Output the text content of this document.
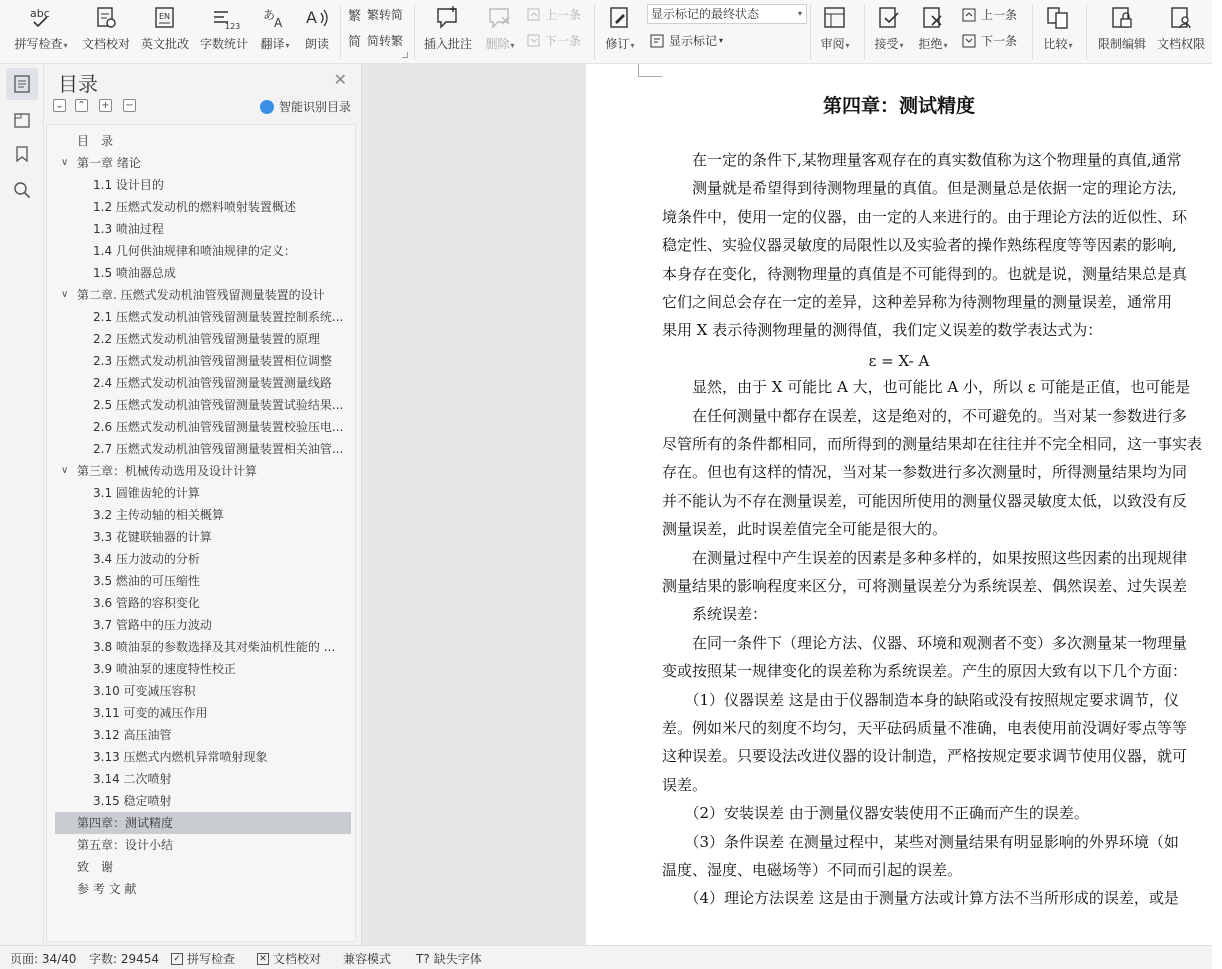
abc
拼写检查▾ 文档校对
EN
英文批改
123
字数统计
あ
A
翻译▾
A
朗读
繁 繁转简
简 简转繁 插入批注 删除▾
上一条
下一条 修订▾
显示标记的最终状态	▾
显示标记 ▾	审阅▾ 接受▾ 拒绝▾
上一条
下一条 比较▾ 限制编辑 文档权限
目录	✕
⌄ ⌃ + −	智能识别目录
目　录
∨ 第一章 绪论
1.1 设计目的
1.2 压燃式发动机的燃料喷射装置概述
1.3 喷油过程
1.4 几何供油规律和喷油规律的定义：
1.5 喷油器总成
∨ 第二章. 压燃式发动机油管残留测量装置的设计
2.1 压燃式发动机油管残留测量装置控制系统...
2.2 压燃式发动机油管残留测量装置的原理
2.3 压燃式发动机油管残留测量装置相位调整
2.4 压燃式发动机油管残留测量装置测量线路
2.5 压燃式发动机油管残留测量装置试验结果...
2.6 压燃式发动机油管残留测量装置校验压电...
2.7 压燃式发动机油管残留测量装置相关油管...
∨ 第三章：机械传动选用及设计计算
3.1 圆锥齿轮的计算
3.2 主传动轴的相关概算
3.3 花键联轴器的计算
3.4 压力波动的分析
3.5 燃油的可压缩性
3.6 管路的容积变化
3.7 管路中的压力波动
3.8 喷油泵的参数选择及其对柴油机性能的 ...
3.9 喷油泵的速度特性校正
3.10 可变减压容积
3.11 可变的减压作用
3.12 高压油管
3.13 压燃式内燃机异常喷射现象
3.14 二次喷射
3.15 稳定喷射
第四章：测试精度
第五章：设计小结
致　谢
参 考 文 献
第四章：测试精度
　　在一定的条件下,某物理量客观存在的真实数值称为这个物理量的真值,通常
　　测量就是希望得到待测物理量的真值。但是测量总是依据一定的理论方法,
境条件中，使用一定的仪器，由一定的人来进行的。由于理论方法的近似性、环
稳定性、实验仪器灵敏度的局限性以及实验者的操作熟练程度等等因素的影响,
本身存在变化，待测物理量的真值是不可能得到的。也就是说，测量结果总是真
它们之间总会存在一定的差异，这种差异称为待测物理量的测量误差，通常用
果用 X 表示待测物理量的测得值，我们定义误差的数学表达式为：
ε = X- A
　　显然，由于 X 可能比 A 大，也可能比 A 小，所以 ε 可能是正值，也可能是
　　在任何测量中都存在误差，这是绝对的，不可避免的。当对某一参数进行多
尽管所有的条件都相同，而所得到的测量结果却在往往并不完全相同，这一事实表
存在。但也有这样的情况，当对某一参数进行多次测量时，所得测量结果均为同
并不能认为不存在测量误差，可能因所使用的测量仪器灵敏度太低，以致没有反
测量误差，此时误差值完全可能是很大的。
　　在测量过程中产生误差的因素是多种多样的，如果按照这些因素的出现规律
测量结果的影响程度来区分，可将测量误差分为系统误差、偶然误差、过失误差
　　系统误差：
　　在同一条件下（理论方法、仪器、环境和观测者不变）多次测量某一物理量
变或按照某一规律变化的误差称为系统误差。产生的原因大致有以下几个方面：
　　（1）仪器误差 这是由于仪器制造本身的缺陷或没有按照规定要求调节，仪
差。例如米尺的刻度不均匀，天平砝码质量不准确，电表使用前没调好零点等等
这种误差。只要设法改进仪器的设计制造，严格按规定要求调节使用仪器，就可
误差。
　　（2）安装误差 由于测量仪器安装使用不正确而产生的误差。
　　（3）条件误差 在测量过程中，某些对测量结果有明显影响的外界环境（如
温度、湿度、电磁场等）不同而引起的误差。
　　（4）理论方法误差 这是由于测量方法或计算方法不当所形成的误差，或是
页面: 34/40 字数: 29454 ✓ 拼写检查	✕ 文档校对 兼容模式 T? 缺失字体
